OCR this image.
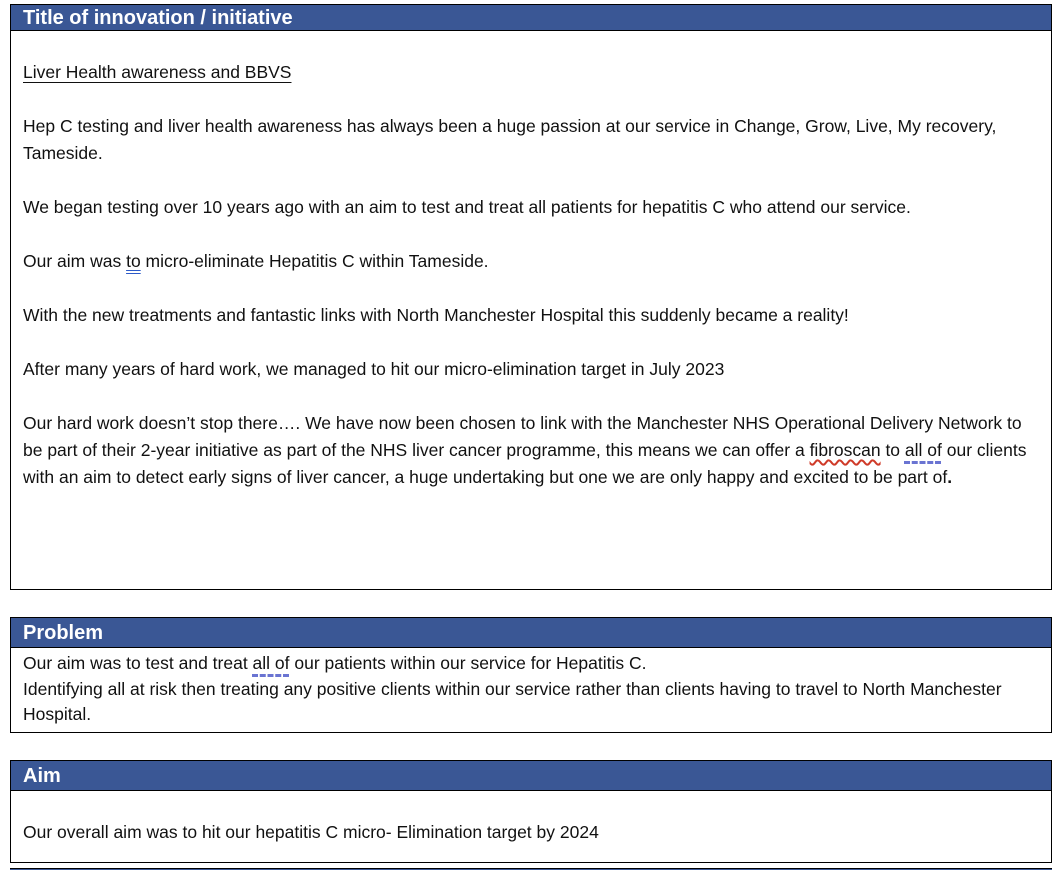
Title of innovation / initiative

Liver Health awareness and BBVS

Hep C testing and liver health awareness has always been a huge passion at our service in Change, Grow, Live, My recovery, Tameside.

We began testing over 10 years ago with an aim to test and treat all patients for hepatitis C who attend our service.

Our aim was to micro-eliminate Hepatitis C within Tameside.

With the new treatments and fantastic links with North Manchester Hospital this suddenly became a reality!

After many years of hard work, we managed to hit our micro-elimination target in July 2023

Our hard work doesn’t stop there…. We have now been chosen to link with the Manchester NHS Operational Delivery Network to be part of their 2-year initiative as part of the NHS liver cancer programme, this means we can offer a fibroscan to all of our clients with an aim to detect early signs of liver cancer, a huge undertaking but one we are only happy and excited to be part of.

Problem

Our aim was to test and treat all of our patients within our service for Hepatitis C.

Identifying all at risk then treating any positive clients within our service rather than clients having to travel to North Manchester Hospital.

Aim

Our overall aim was to hit our hepatitis C micro- Elimination target by 2024
